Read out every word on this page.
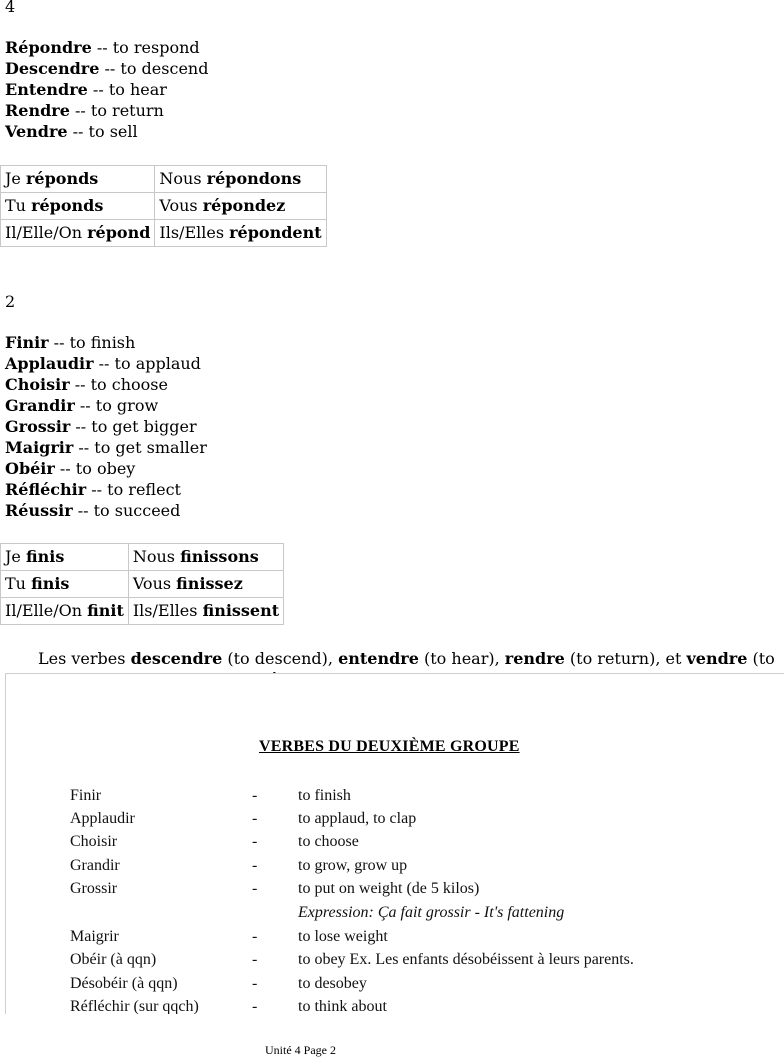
4
Répondre -- to respond
Descendre -- to descend
Entendre -- to hear
Rendre -- to return
Vendre -- to sell
Je réponds	Nous répondons
Tu réponds	Vous répondez
Il/Elle/On répond	Ils/Elles répondent
2
Finir -- to finish
Applaudir -- to applaud
Choisir -- to choose
Grandir -- to grow
Grossir -- to get bigger
Maigrir -- to get smaller
Obéir -- to obey
Réfléchir -- to reflect
Réussir -- to succeed
Je finis	Nous finissons
Tu finis	Vous finissez
Il/Elle/On finit	Ils/Elles finissent
Les verbes descendre (to descend), entendre (to hear), rendre (to return), et vendre (to
VERBES DU DEUXIÈME GROUPE
Finir	-	to finish
Applaudir	-	to applaud, to clap
Choisir	-	to choose
Grandir	-	to grow, grow up
Grossir	-	to put on weight (de 5 kilos)
Expression: Ça fait grossir - It's fattening
Maigrir	-	to lose weight
Obéir (à qqn)	-	to obey Ex. Les enfants désobéissent à leurs parents.
Désobéir (à qqn)	-	to desobey
Réfléchir (sur qqch)	-	to think about
Unité 4 Page 2
